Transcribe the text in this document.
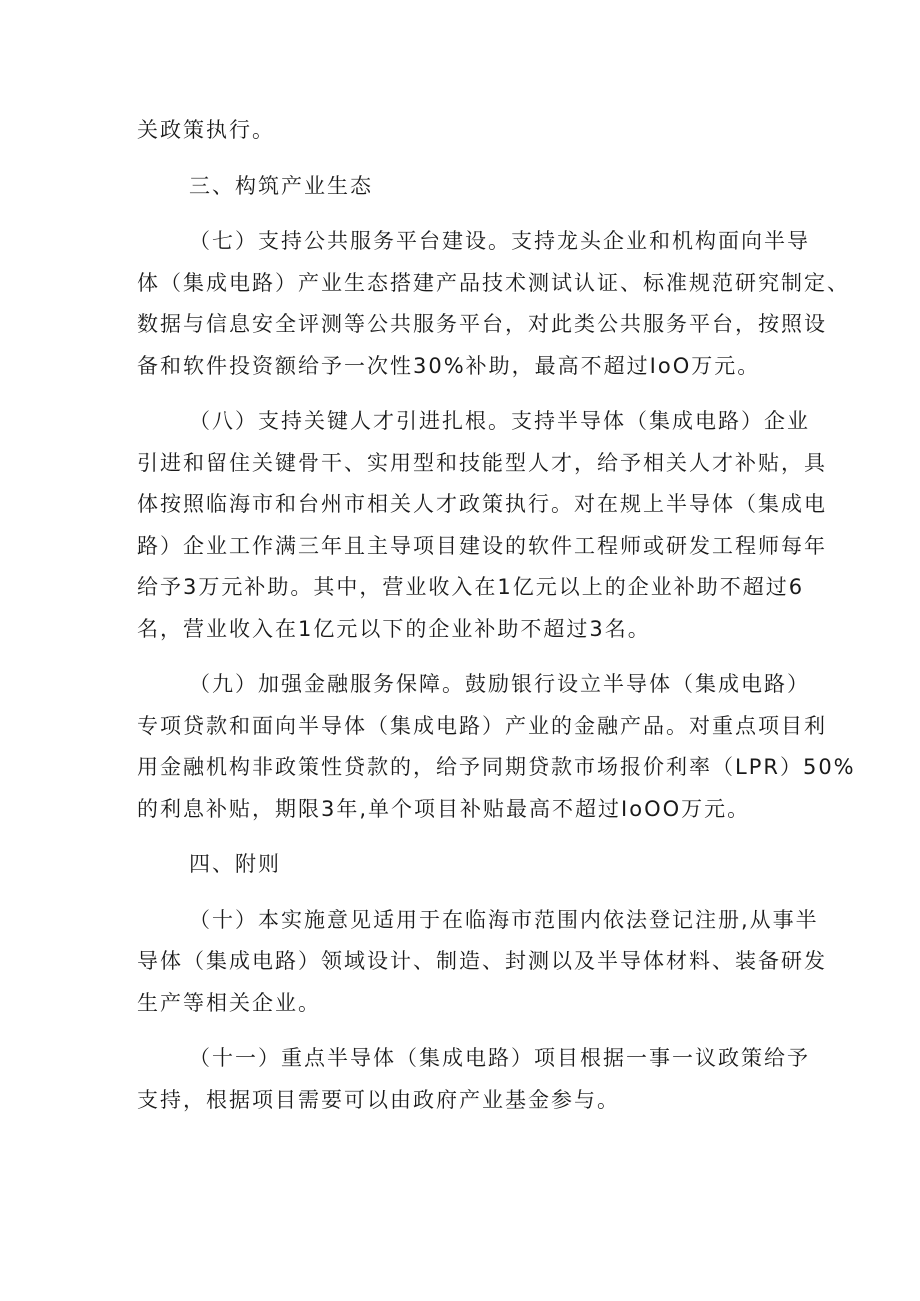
关政策执行。
三、构筑产业生态
（七）支持公共服务平台建设。支持龙头企业和机构面向半导
体（集成电路）产业生态搭建产品技术测试认证、标准规范研究制定、
数据与信息安全评测等公共服务平台，对此类公共服务平台，按照设
备和软件投资额给予一次性30%补助，最高不超过IoO万元。
（八）支持关键人才引进扎根。支持半导体（集成电路）企业
引进和留住关键骨干、实用型和技能型人才，给予相关人才补贴，具
体按照临海市和台州市相关人才政策执行。对在规上半导体（集成电
路）企业工作满三年且主导项目建设的软件工程师或研发工程师每年
给予3万元补助。其中，营业收入在1亿元以上的企业补助不超过6
名，营业收入在1亿元以下的企业补助不超过3名。
（九）加强金融服务保障。鼓励银行设立半导体（集成电路）
专项贷款和面向半导体（集成电路）产业的金融产品。对重点项目利
用金融机构非政策性贷款的，给予同期贷款市场报价利率（LPR）50%
的利息补贴，期限3年,单个项目补贴最高不超过IoOO万元。
四、附则
（十）本实施意见适用于在临海市范围内依法登记注册,从事半
导体（集成电路）领域设计、制造、封测以及半导体材料、装备研发
生产等相关企业。
（十一）重点半导体（集成电路）项目根据一事一议政策给予
支持，根据项目需要可以由政府产业基金参与。
